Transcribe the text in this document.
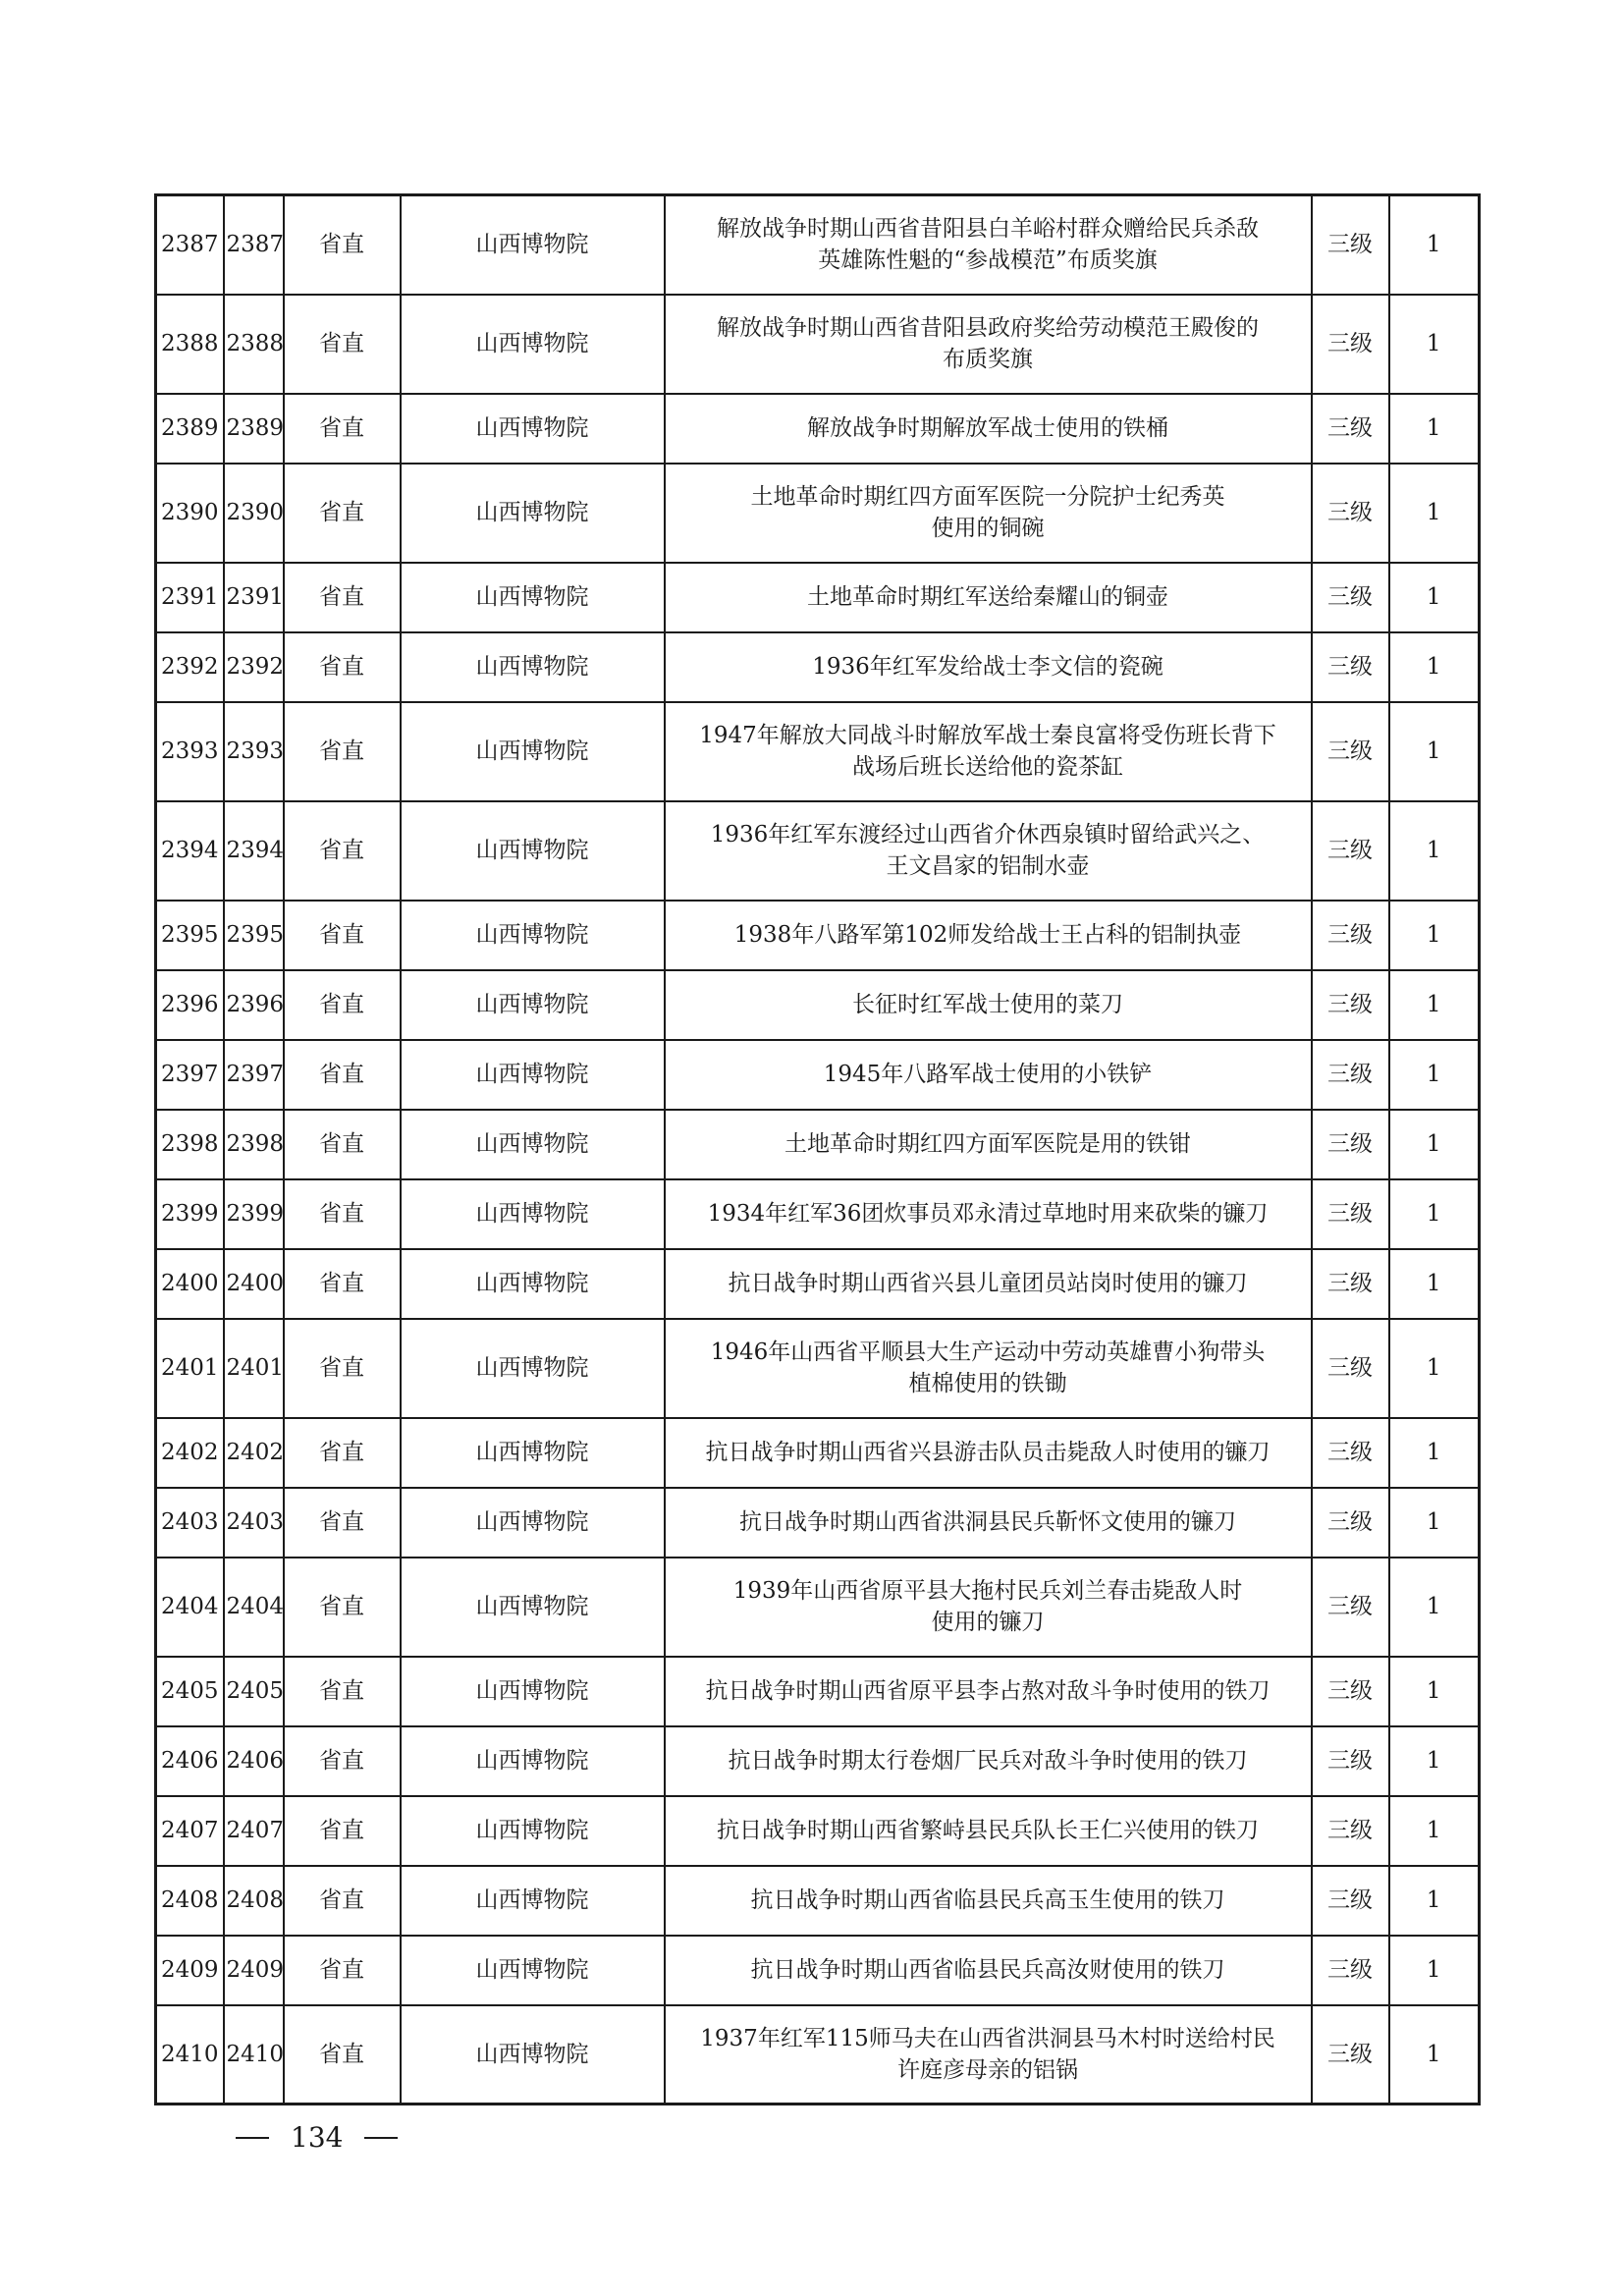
2387	2387	省直	山西博物院	解放战争时期山西省昔阳县白羊峪村群众赠给民兵杀敌
英雄陈性魁的“参战模范”布质奖旗	三级	1
2388	2388	省直	山西博物院	解放战争时期山西省昔阳县政府奖给劳动模范王殿俊的
布质奖旗	三级	1
2389	2389	省直	山西博物院	解放战争时期解放军战士使用的铁桶	三级	1
2390	2390	省直	山西博物院	土地革命时期红四方面军医院一分院护士纪秀英
使用的铜碗	三级	1
2391	2391	省直	山西博物院	土地革命时期红军送给秦耀山的铜壶	三级	1
2392	2392	省直	山西博物院	1936年红军发给战士李文信的瓷碗	三级	1
2393	2393	省直	山西博物院	1947年解放大同战斗时解放军战士秦良富将受伤班长背下
战场后班长送给他的瓷茶缸	三级	1
2394	2394	省直	山西博物院	1936年红军东渡经过山西省介休西泉镇时留给武兴之、
王文昌家的铝制水壶	三级	1
2395	2395	省直	山西博物院	1938年八路军第102师发给战士王占科的铝制执壶	三级	1
2396	2396	省直	山西博物院	长征时红军战士使用的菜刀	三级	1
2397	2397	省直	山西博物院	1945年八路军战士使用的小铁铲	三级	1
2398	2398	省直	山西博物院	土地革命时期红四方面军医院是用的铁钳	三级	1
2399	2399	省直	山西博物院	1934年红军36团炊事员邓永清过草地时用来砍柴的镰刀	三级	1
2400	2400	省直	山西博物院	抗日战争时期山西省兴县儿童团员站岗时使用的镰刀	三级	1
2401	2401	省直	山西博物院	1946年山西省平顺县大生产运动中劳动英雄曹小狗带头
植棉使用的铁锄	三级	1
2402	2402	省直	山西博物院	抗日战争时期山西省兴县游击队员击毙敌人时使用的镰刀	三级	1
2403	2403	省直	山西博物院	抗日战争时期山西省洪洞县民兵靳怀文使用的镰刀	三级	1
2404	2404	省直	山西博物院	1939年山西省原平县大拖村民兵刘兰春击毙敌人时
使用的镰刀	三级	1
2405	2405	省直	山西博物院	抗日战争时期山西省原平县李占熬对敌斗争时使用的铁刀	三级	1
2406	2406	省直	山西博物院	抗日战争时期太行卷烟厂民兵对敌斗争时使用的铁刀	三级	1
2407	2407	省直	山西博物院	抗日战争时期山西省繁峙县民兵队长王仁兴使用的铁刀	三级	1
2408	2408	省直	山西博物院	抗日战争时期山西省临县民兵高玉生使用的铁刀	三级	1
2409	2409	省直	山西博物院	抗日战争时期山西省临县民兵高汝财使用的铁刀	三级	1
2410	2410	省直	山西博物院	1937年红军115师马夫在山西省洪洞县马木村时送给村民
许庭彦母亲的铝锅	三级	1
134
